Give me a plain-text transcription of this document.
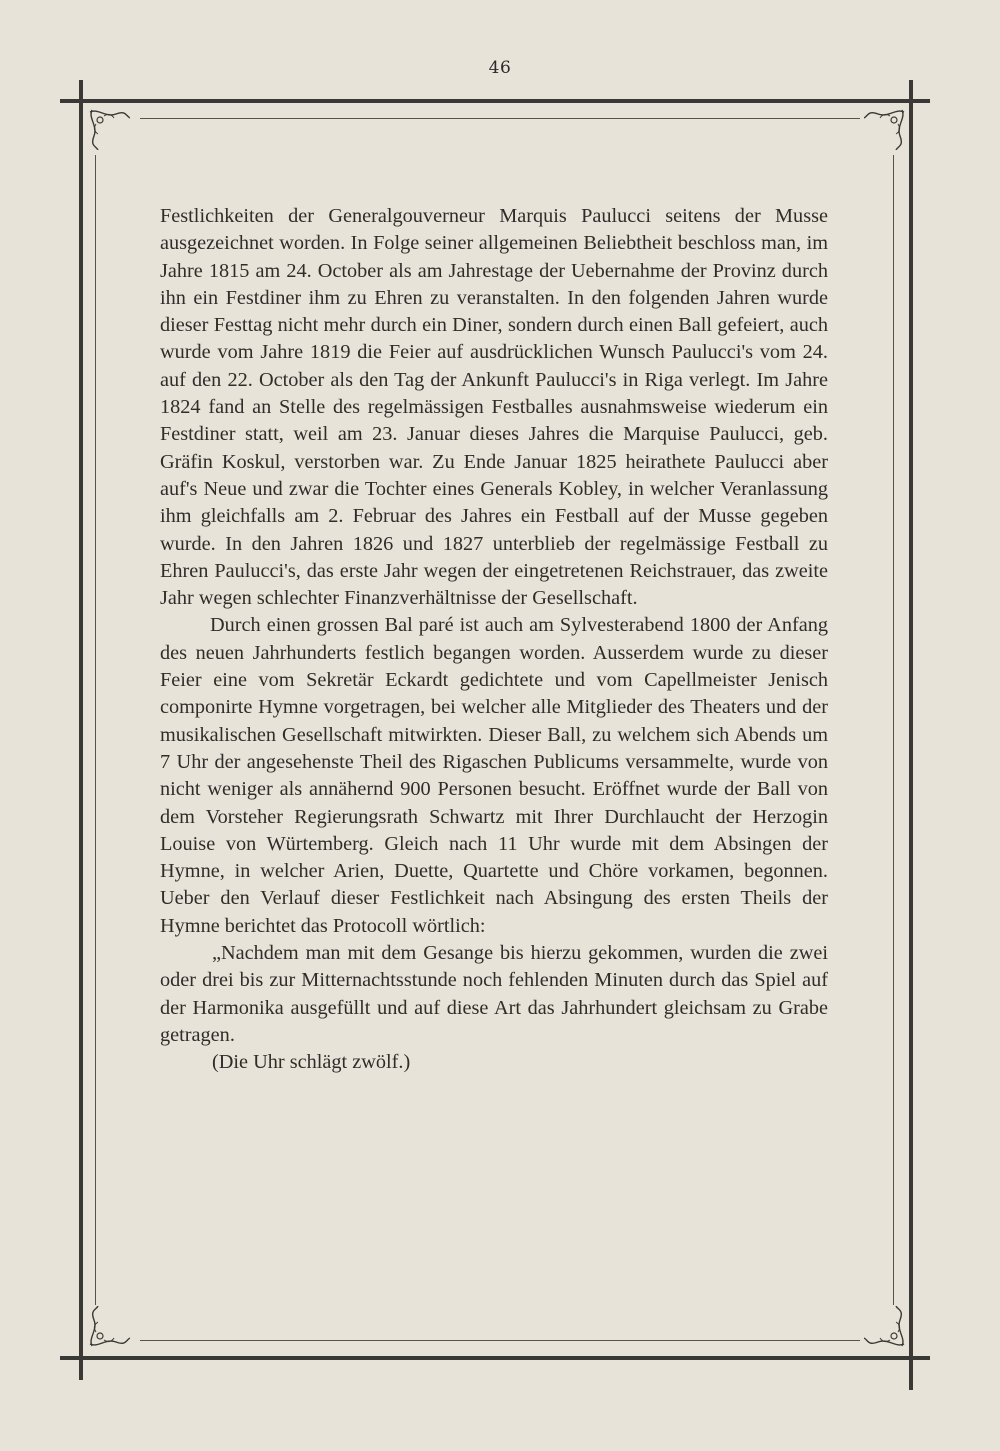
46

Festlichkeiten der Generalgouverneur Marquis Paulucci seitens der Musse ausgezeichnet worden. In Folge seiner allgemeinen Beliebtheit beschloss man, im Jahre 1815 am 24. October als am Jahrestage der Uebernahme der Provinz durch ihn ein Festdiner ihm zu Ehren zu veranstalten. In den folgenden Jahren wurde dieser Festtag nicht mehr durch ein Diner, sondern durch einen Ball gefeiert, auch wurde vom Jahre 1819 die Feier auf ausdrücklichen Wunsch Paulucci's vom 24. auf den 22. October als den Tag der Ankunft Paulucci's in Riga verlegt. Im Jahre 1824 fand an Stelle des regelmässigen Festballes ausnahmsweise wiederum ein Festdiner statt, weil am 23. Januar dieses Jahres die Marquise Paulucci, geb. Gräfin Koskul, verstorben war. Zu Ende Januar 1825 heirathete Paulucci aber auf's Neue und zwar die Tochter eines Generals Kobley, in welcher Veranlassung ihm gleichfalls am 2. Februar des Jahres ein Festball auf der Musse gegeben wurde. In den Jahren 1826 und 1827 unterblieb der regelmässige Festball zu Ehren Paulucci's, das erste Jahr wegen der eingetretenen Reichstrauer, das zweite Jahr wegen schlechter Finanzverhältnisse der Gesellschaft.

Durch einen grossen Bal paré ist auch am Sylvesterabend 1800 der Anfang des neuen Jahrhunderts festlich begangen worden. Ausserdem wurde zu dieser Feier eine vom Sekretär Eckardt gedichtete und vom Capellmeister Jenisch componirte Hymne vorgetragen, bei welcher alle Mitglieder des Theaters und der musikalischen Gesellschaft mitwirkten. Dieser Ball, zu welchem sich Abends um 7 Uhr der angesehenste Theil des Rigaschen Publicums versammelte, wurde von nicht weniger als annähernd 900 Personen besucht. Eröffnet wurde der Ball von dem Vorsteher Regierungsrath Schwartz mit Ihrer Durchlaucht der Herzogin Louise von Würtemberg. Gleich nach 11 Uhr wurde mit dem Absingen der Hymne, in welcher Arien, Duette, Quartette und Chöre vorkamen, begonnen. Ueber den Verlauf dieser Festlichkeit nach Absingung des ersten Theils der Hymne berichtet das Protocoll wörtlich:

„Nachdem man mit dem Gesange bis hierzu gekommen, wurden die zwei oder drei bis zur Mitternachtsstunde noch fehlenden Minuten durch das Spiel auf der Harmonika ausgefüllt und auf diese Art das Jahrhundert gleichsam zu Grabe getragen.

(Die Uhr schlägt zwölf.)
